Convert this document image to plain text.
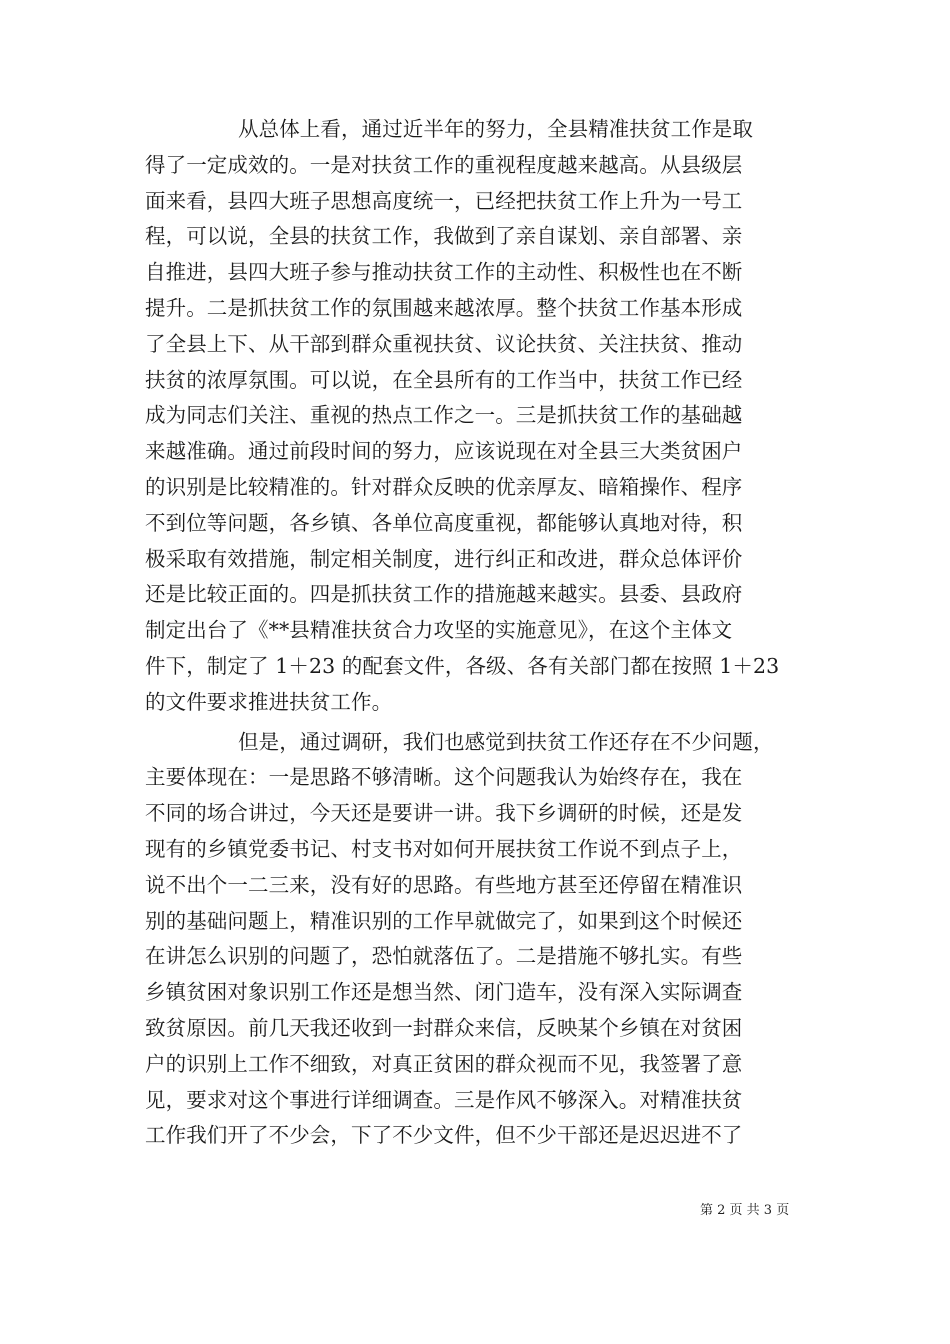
从总体上看，通过近半年的努力，全县精准扶贫工作是取
得了一定成效的。一是对扶贫工作的重视程度越来越高。从县级层
面来看，县四大班子思想高度统一，已经把扶贫工作上升为一号工
程，可以说，全县的扶贫工作，我做到了亲自谋划、亲自部署、亲
自推进，县四大班子参与推动扶贫工作的主动性、积极性也在不断
提升。二是抓扶贫工作的氛围越来越浓厚。整个扶贫工作基本形成
了全县上下、从干部到群众重视扶贫、议论扶贫、关注扶贫、推动
扶贫的浓厚氛围。可以说，在全县所有的工作当中，扶贫工作已经
成为同志们关注、重视的热点工作之一。三是抓扶贫工作的基础越
来越准确。通过前段时间的努力，应该说现在对全县三大类贫困户
的识别是比较精准的。针对群众反映的优亲厚友、暗箱操作、程序
不到位等问题，各乡镇、各单位高度重视，都能够认真地对待，积
极采取有效措施，制定相关制度，进行纠正和改进，群众总体评价
还是比较正面的。四是抓扶贫工作的措施越来越实。县委、县政府
制定出台了《**县精准扶贫合力攻坚的实施意见》，在这个主体文
件下，制定了 1＋23 的配套文件，各级、各有关部门都在按照 1＋23
的文件要求推进扶贫工作。
但是，通过调研，我们也感觉到扶贫工作还存在不少问题，
主要体现在：一是思路不够清晰。这个问题我认为始终存在，我在
不同的场合讲过，今天还是要讲一讲。我下乡调研的时候，还是发
现有的乡镇党委书记、村支书对如何开展扶贫工作说不到点子上，
说不出个一二三来，没有好的思路。有些地方甚至还停留在精准识
别的基础问题上，精准识别的工作早就做完了，如果到这个时候还
在讲怎么识别的问题了，恐怕就落伍了。二是措施不够扎实。有些
乡镇贫困对象识别工作还是想当然、闭门造车，没有深入实际调查
致贫原因。前几天我还收到一封群众来信，反映某个乡镇在对贫困
户的识别上工作不细致，对真正贫困的群众视而不见，我签署了意
见，要求对这个事进行详细调查。三是作风不够深入。对精准扶贫
工作我们开了不少会，下了不少文件，但不少干部还是迟迟进不了
第 2 页 共 3 页
